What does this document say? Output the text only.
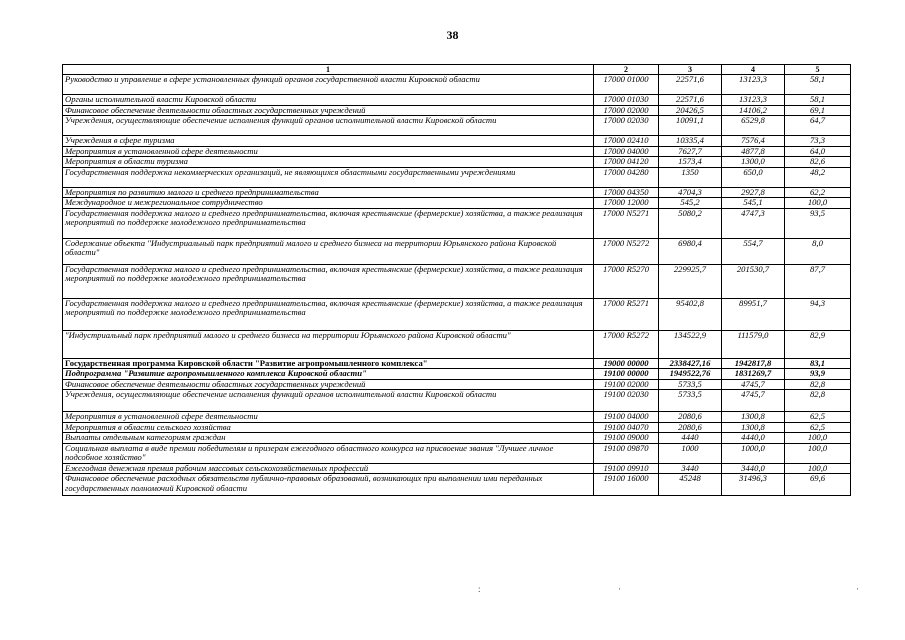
38
1	2	3	4	5
Руководство и управление в сфере установленных функций органов государственной власти Кировской области	17000 01000	22571,6	13123,3	58,1
Органы исполнительной власти Кировской области	17000 01030	22571,6	13123,3	58,1
Финансовое обеспечение деятельности областных государственных учреждений	17000 02000	20426,5	14106,2	69,1
Учреждения, осуществляющие обеспечение исполнения функций органов исполнительной власти Кировской области	17000 02030	10091,1	6529,8	64,7
Учреждения в сфере туризма	17000 02410	10335,4	7576,4	73,3
Мероприятия в установленной сфере деятельности	17000 04000	7627,7	4877,8	64,0
Мероприятия в области туризма	17000 04120	1573,4	1300,0	82,6
Государственная поддержка некоммерческих организаций, не являющихся областными государственными учреждениями	17000 04280	1350	650,0	48,2
Мероприятия по развитию малого и среднего предпринимательства	17000 04350	4704,3	2927,8	62,2
Международное и межрегиональное сотрудничество	17000 12000	545,2	545,1	100,0
Государственная поддержка малого и среднего предпринимательства, включая крестьянские (фермерские) хозяйства, а также реализация мероприятий по поддержке молодежного предпринимательства	17000 N5271	5080,2	4747,3	93,5
Содержание объекта "Индустриальный парк предприятий малого и среднего бизнеса на территории Юрьянского района Кировской области"	17000 N5272	6980,4	554,7	8,0
Государственная поддержка малого и среднего предпринимательства, включая крестьянские (фермерские) хозяйства, а также реализация мероприятий по поддержке молодежного предпринимательства	17000 R5270	229925,7	201530,7	87,7
Государственная поддержка малого и среднего предпринимательства, включая крестьянские (фермерские) хозяйства, а также реализация мероприятий по поддержке молодежного предпринимательства	17000 R5271	95402,8	89951,7	94,3
"Индустриальный парк предприятий малого и среднего бизнеса на территории Юрьянского района Кировской области"	17000 R5272	134522,9	111579,0	82,9
Государственная программа Кировской области "Развитие агропромышленного комплекса"	19000 00000	2338427,16	1942817,8	83,1
Подпрограмма "Развитие агропромышленного комплекса Кировской области"	19100 00000	1949522,76	1831269,7	93,9
Финансовое обеспечение деятельности областных государственных учреждений	19100 02000	5733,5	4745,7	82,8
Учреждения, осуществляющие обеспечение исполнения функций органов исполнительной власти Кировской области	19100 02030	5733,5	4745,7	82,8
Мероприятия в установленной сфере деятельности	19100 04000	2080,6	1300,8	62,5
Мероприятия в области сельского хозяйства	19100 04070	2080,6	1300,8	62,5
Выплаты отдельным категориям граждан	19100 09000	4440	4440,0	100,0
Социальная выплата в виде премии победителям и призерам ежегодного областного конкурса на присвоение звания "Лучшее личное подсобное хозяйство"	19100 09870	1000	1000,0	100,0
Ежегодная денежная премия рабочим массовых сельскохозяйственных профессий	19100 09910	3440	3440,0	100,0
Финансовое обеспечение расходных обязательств публично-правовых образований, возникающих при выполнении ими переданных государственных полномочий Кировской области	19100 16000	45248	31496,3	69,6
:	·	·
